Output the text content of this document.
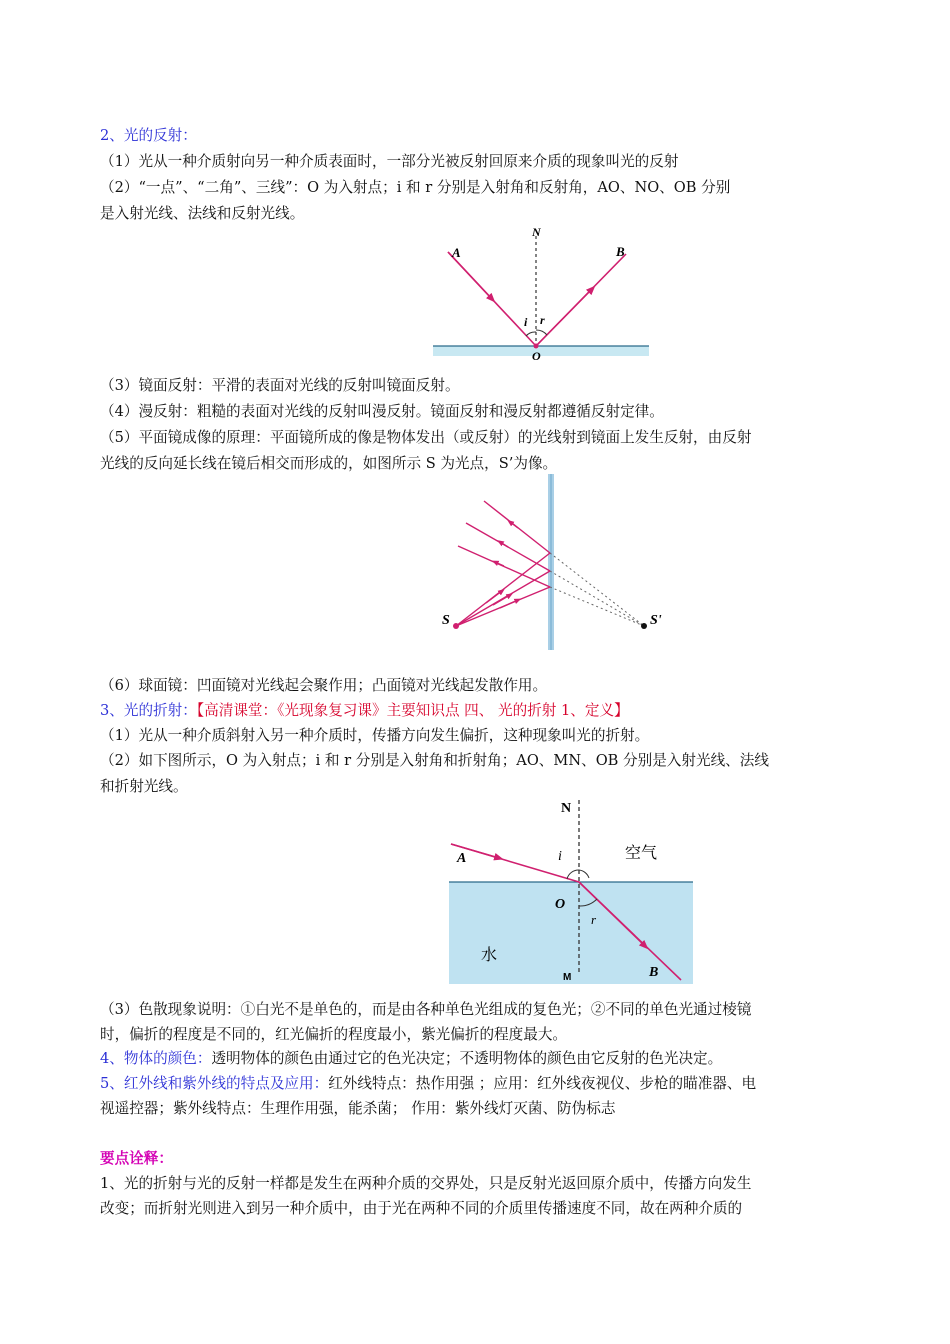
2、光的反射：
（1）光从一种介质射向另一种介质表面时，一部分光被反射回原来介质的现象叫光的反射
（2）“一点”、“二角”、三线”：O 为入射点；i 和 r 分别是入射角和反射角，AO、NO、OB 分别
是入射光线、法线和反射光线。
（3）镜面反射：平滑的表面对光线的反射叫镜面反射。
（4）漫反射：粗糙的表面对光线的反射叫漫反射。镜面反射和漫反射都遵循反射定律。
（5）平面镜成像的原理：平面镜所成的像是物体发出（或反射）的光线射到镜面上发生反射，由反射
光线的反向延长线在镜后相交而形成的，如图所示 S 为光点，S’为像。
（6）球面镜：凹面镜对光线起会聚作用；凸面镜对光线起发散作用。
3、光的折射：【高清课堂：《光现象复习课》主要知识点 四、 光的折射 1、定义】
（1）光从一种介质斜射入另一种介质时，传播方向发生偏折，这种现象叫光的折射。
（2）如下图所示，O 为入射点；i 和 r 分别是入射角和折射角；AO、MN、OB 分别是入射光线、法线
和折射光线。
（3）色散现象说明：①白光不是单色的，而是由各种单色光组成的复色光；②不同的单色光通过棱镜
时，偏折的程度是不同的，红光偏折的程度最小，紫光偏折的程度最大。
4、物体的颜色：透明物体的颜色由通过它的色光决定；不透明物体的颜色由它反射的色光决定。
5、红外线和紫外线的特点及应用：红外线特点：热作用强 ；应用：红外线夜视仪、步枪的瞄准器、电
视遥控器；紫外线特点：生理作用强，能杀菌； 作用：紫外线灯灭菌、防伪标志
要点诠释：
1、光的折射与光的反射一样都是发生在两种介质的交界处，只是反射光返回原介质中，传播方向发生
改变；而折射光则进入到另一种介质中，由于光在两种不同的介质里传播速度不同，故在两种介质的
A	B
N
O
i r
S	S'
N
M
A
B
O
i
r
空气
水
